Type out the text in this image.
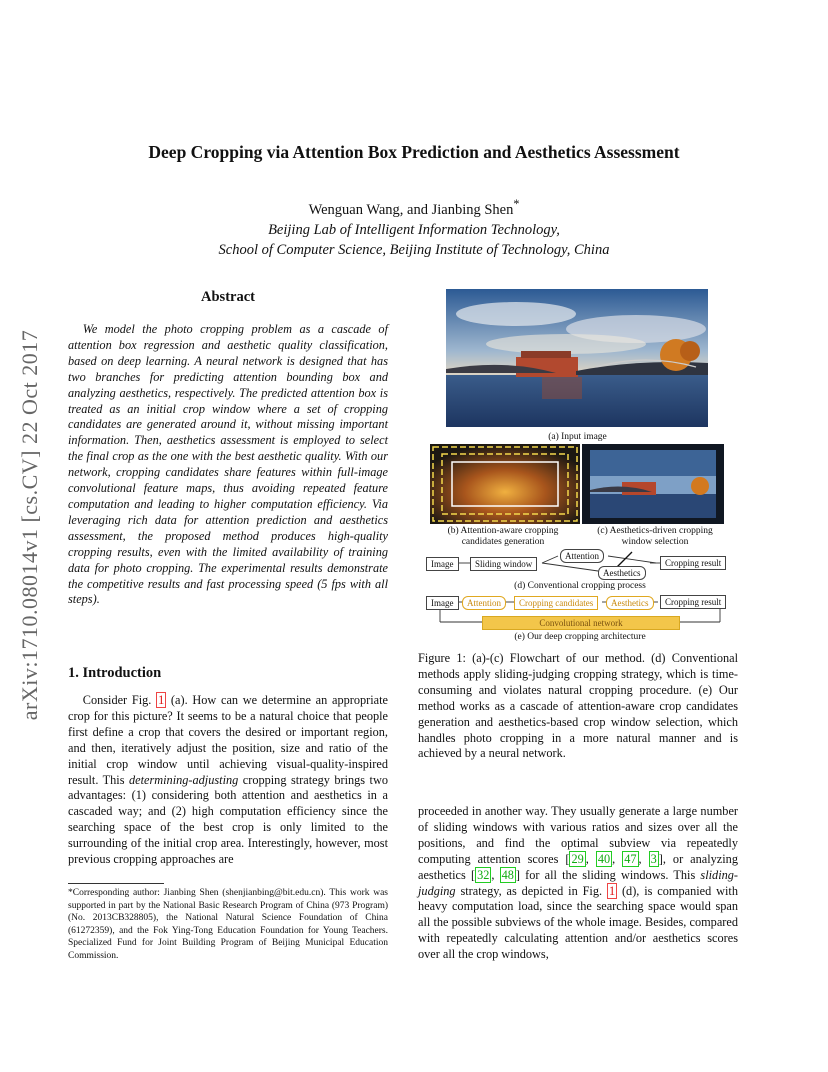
Deep Cropping via Attention Box Prediction and Aesthetics Assessment
Wenguan Wang, and Jianbing Shen*
Beijing Lab of Intelligent Information Technology,
School of Computer Science, Beijing Institute of Technology, China
arXiv:1710.08014v1 [cs.CV] 22 Oct 2017
Abstract
We model the photo cropping problem as a cascade of attention box regression and aesthetic quality classification, based on deep learning. A neural network is designed that has two branches for predicting attention bounding box and analyzing aesthetics, respectively. The predicted attention box is treated as an initial crop window where a set of cropping candidates are generated around it, without missing important information. Then, aesthetics assessment is employed to select the final crop as the one with the best aesthetic quality. With our network, cropping candidates share features within full-image convolutional feature maps, thus avoiding repeated feature computation and leading to higher computation efficiency. Via leveraging rich data for attention prediction and aesthetics assessment, the proposed method produces high-quality cropping results, even with the limited availability of training data for photo cropping. The experimental results demonstrate the competitive results and fast processing speed (5 fps with all steps).
1. Introduction
Consider Fig. 1 (a). How can we determine an appropriate crop for this picture? It seems to be a natural choice that people first define a crop that covers the desired or important region, and then, iteratively adjust the position, size and ratio of the initial crop window until achieving visual-quality-inspired result. This determining-adjusting cropping strategy brings two advantages: (1) considering both attention and aesthetics in a cascaded way; and (2) high computation efficiency since the searching space of the best crop is only limited to the surrounding of the initial crop area. Interestingly, however, most previous cropping approaches are
*Corresponding author: Jianbing Shen (shenjianbing@bit.edu.cn). This work was supported in part by the National Basic Research Program of China (973 Program) (No. 2013CB328805), the National Natural Science Foundation of China (61272359), and the Fok Ying-Tong Education Foundation for Young Teachers. Specialized Fund for Joint Building Program of Beijing Municipal Education Commission.
(a) Input image
(b) Attention-aware cropping
candidates generation
(c) Aesthetics-driven cropping
window selection
Image	Sliding window
Attention
Aesthetics
Cropping result
(d) Conventional cropping process
Image	Attention	Cropping candidates	Aesthetics	Cropping result
Convolutional network
(e) Our deep cropping architecture
Figure 1: (a)-(c) Flowchart of our method. (d) Conventional methods apply sliding-judging cropping strategy, which is time-consuming and violates natural cropping procedure. (e) Our method works as a cascade of attention-aware crop candidates generation and aesthetics-based crop window selection, which handles photo cropping in a more natural manner and is achieved by a neural network.
proceeded in another way. They usually generate a large number of sliding windows with various ratios and sizes over all the positions, and find the optimal subview via repeatedly computing attention scores [ 29 , 40 , 47 , 3 ], or analyzing aesthetics [ 32 , 48 ] for all the sliding windows. This sliding-judging strategy, as depicted in Fig. 1 (d), is companied with heavy computation load, since the searching space would span all the possible subviews of the whole image. Besides, compared with repeatedly calculating attention and/or aesthetics scores over all the crop windows,
